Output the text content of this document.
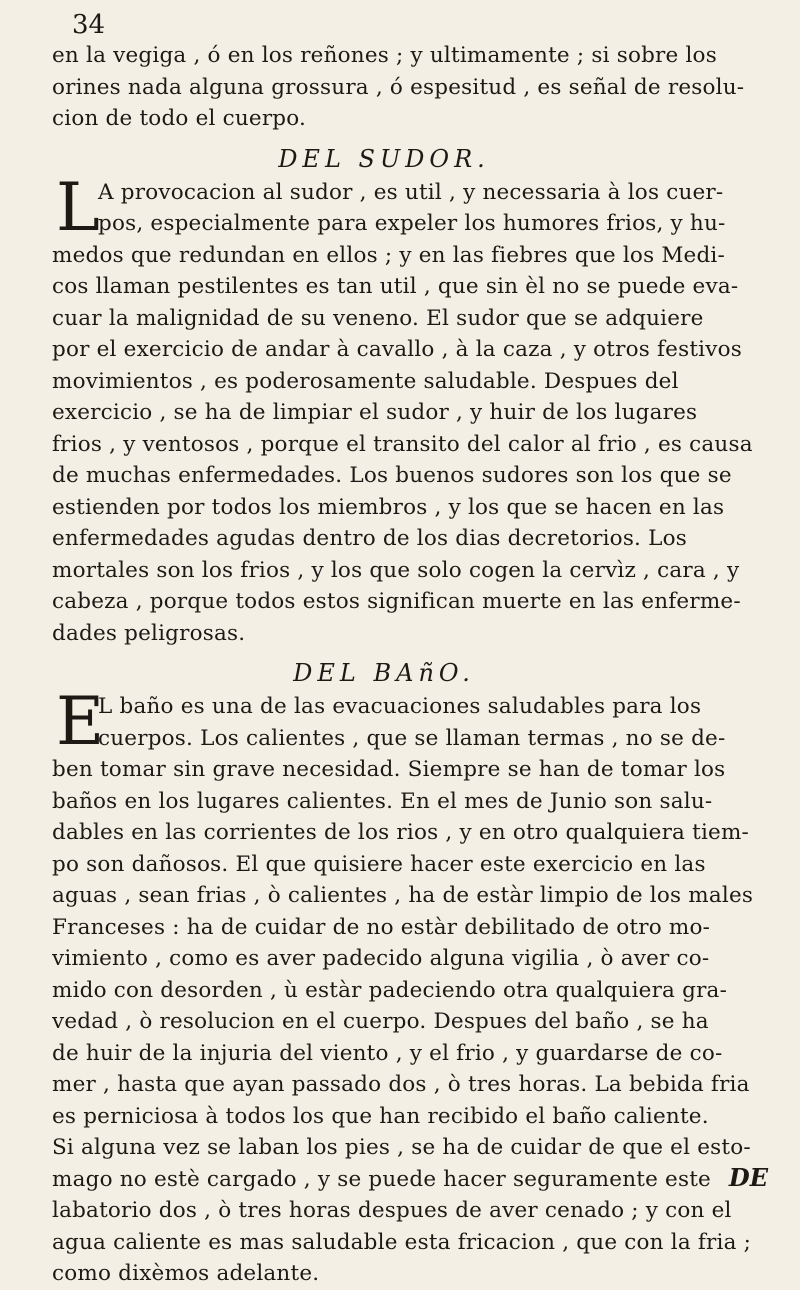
34
en la vegiga , ó en los reñones ; y ultimamente ; si sobre los
orines nada alguna grossura , ó espesitud , es señal de resolu-
cion de todo el cuerpo.
DEL SUDOR.
L
A provocacion al sudor , es util , y necessaria à los cuer-
pos, especialmente para expeler los humores frios, y hu-
medos que redundan en ellos ; y en las fiebres que los Medi-
cos llaman pestilentes es tan util , que sin èl no se puede eva-
cuar la malignidad de su veneno. El sudor que se adquiere
por el exercicio de andar à cavallo , à la caza , y otros festivos
movimientos , es poderosamente saludable. Despues del
exercicio , se ha de limpiar el sudor , y huir de los lugares
frios , y ventosos , porque el transito del calor al frio , es causa
de muchas enfermedades. Los buenos sudores son los que se
estienden por todos los miembros , y los que se hacen en las
enfermedades agudas dentro de los dias decretorios. Los
mortales son los frios , y los que solo cogen la cervìz , cara , y
cabeza , porque todos estos significan muerte en las enferme-
dades peligrosas.
DEL BAñO.
E
L baño es una de las evacuaciones saludables para los
cuerpos. Los calientes , que se llaman termas , no se de-
ben tomar sin grave necesidad. Siempre se han de tomar los
baños en los lugares calientes. En el mes de Junio son salu-
dables en las corrientes de los rios , y en otro qualquiera tiem-
po son dañosos. El que quisiere hacer este exercicio en las
aguas , sean frias , ò calientes , ha de estàr limpio de los males
Franceses : ha de cuidar de no estàr debilitado de otro mo-
vimiento , como es aver padecido alguna vigilia , ò aver co-
mido con desorden , ù estàr padeciendo otra qualquiera gra-
vedad , ò resolucion en el cuerpo. Despues del baño , se ha
de huir de la injuria del viento , y el frio , y guardarse de co-
mer , hasta que ayan passado dos , ò tres horas. La bebida fria
es perniciosa à todos los que han recibido el baño caliente.
Si alguna vez se laban los pies , se ha de cuidar de que el esto-
mago no estè cargado , y se puede hacer seguramente este
labatorio dos , ò tres horas despues de aver cenado ; y con el
agua caliente es mas saludable esta fricacion , que con la fria ;
como dixèmos adelante.
DE
